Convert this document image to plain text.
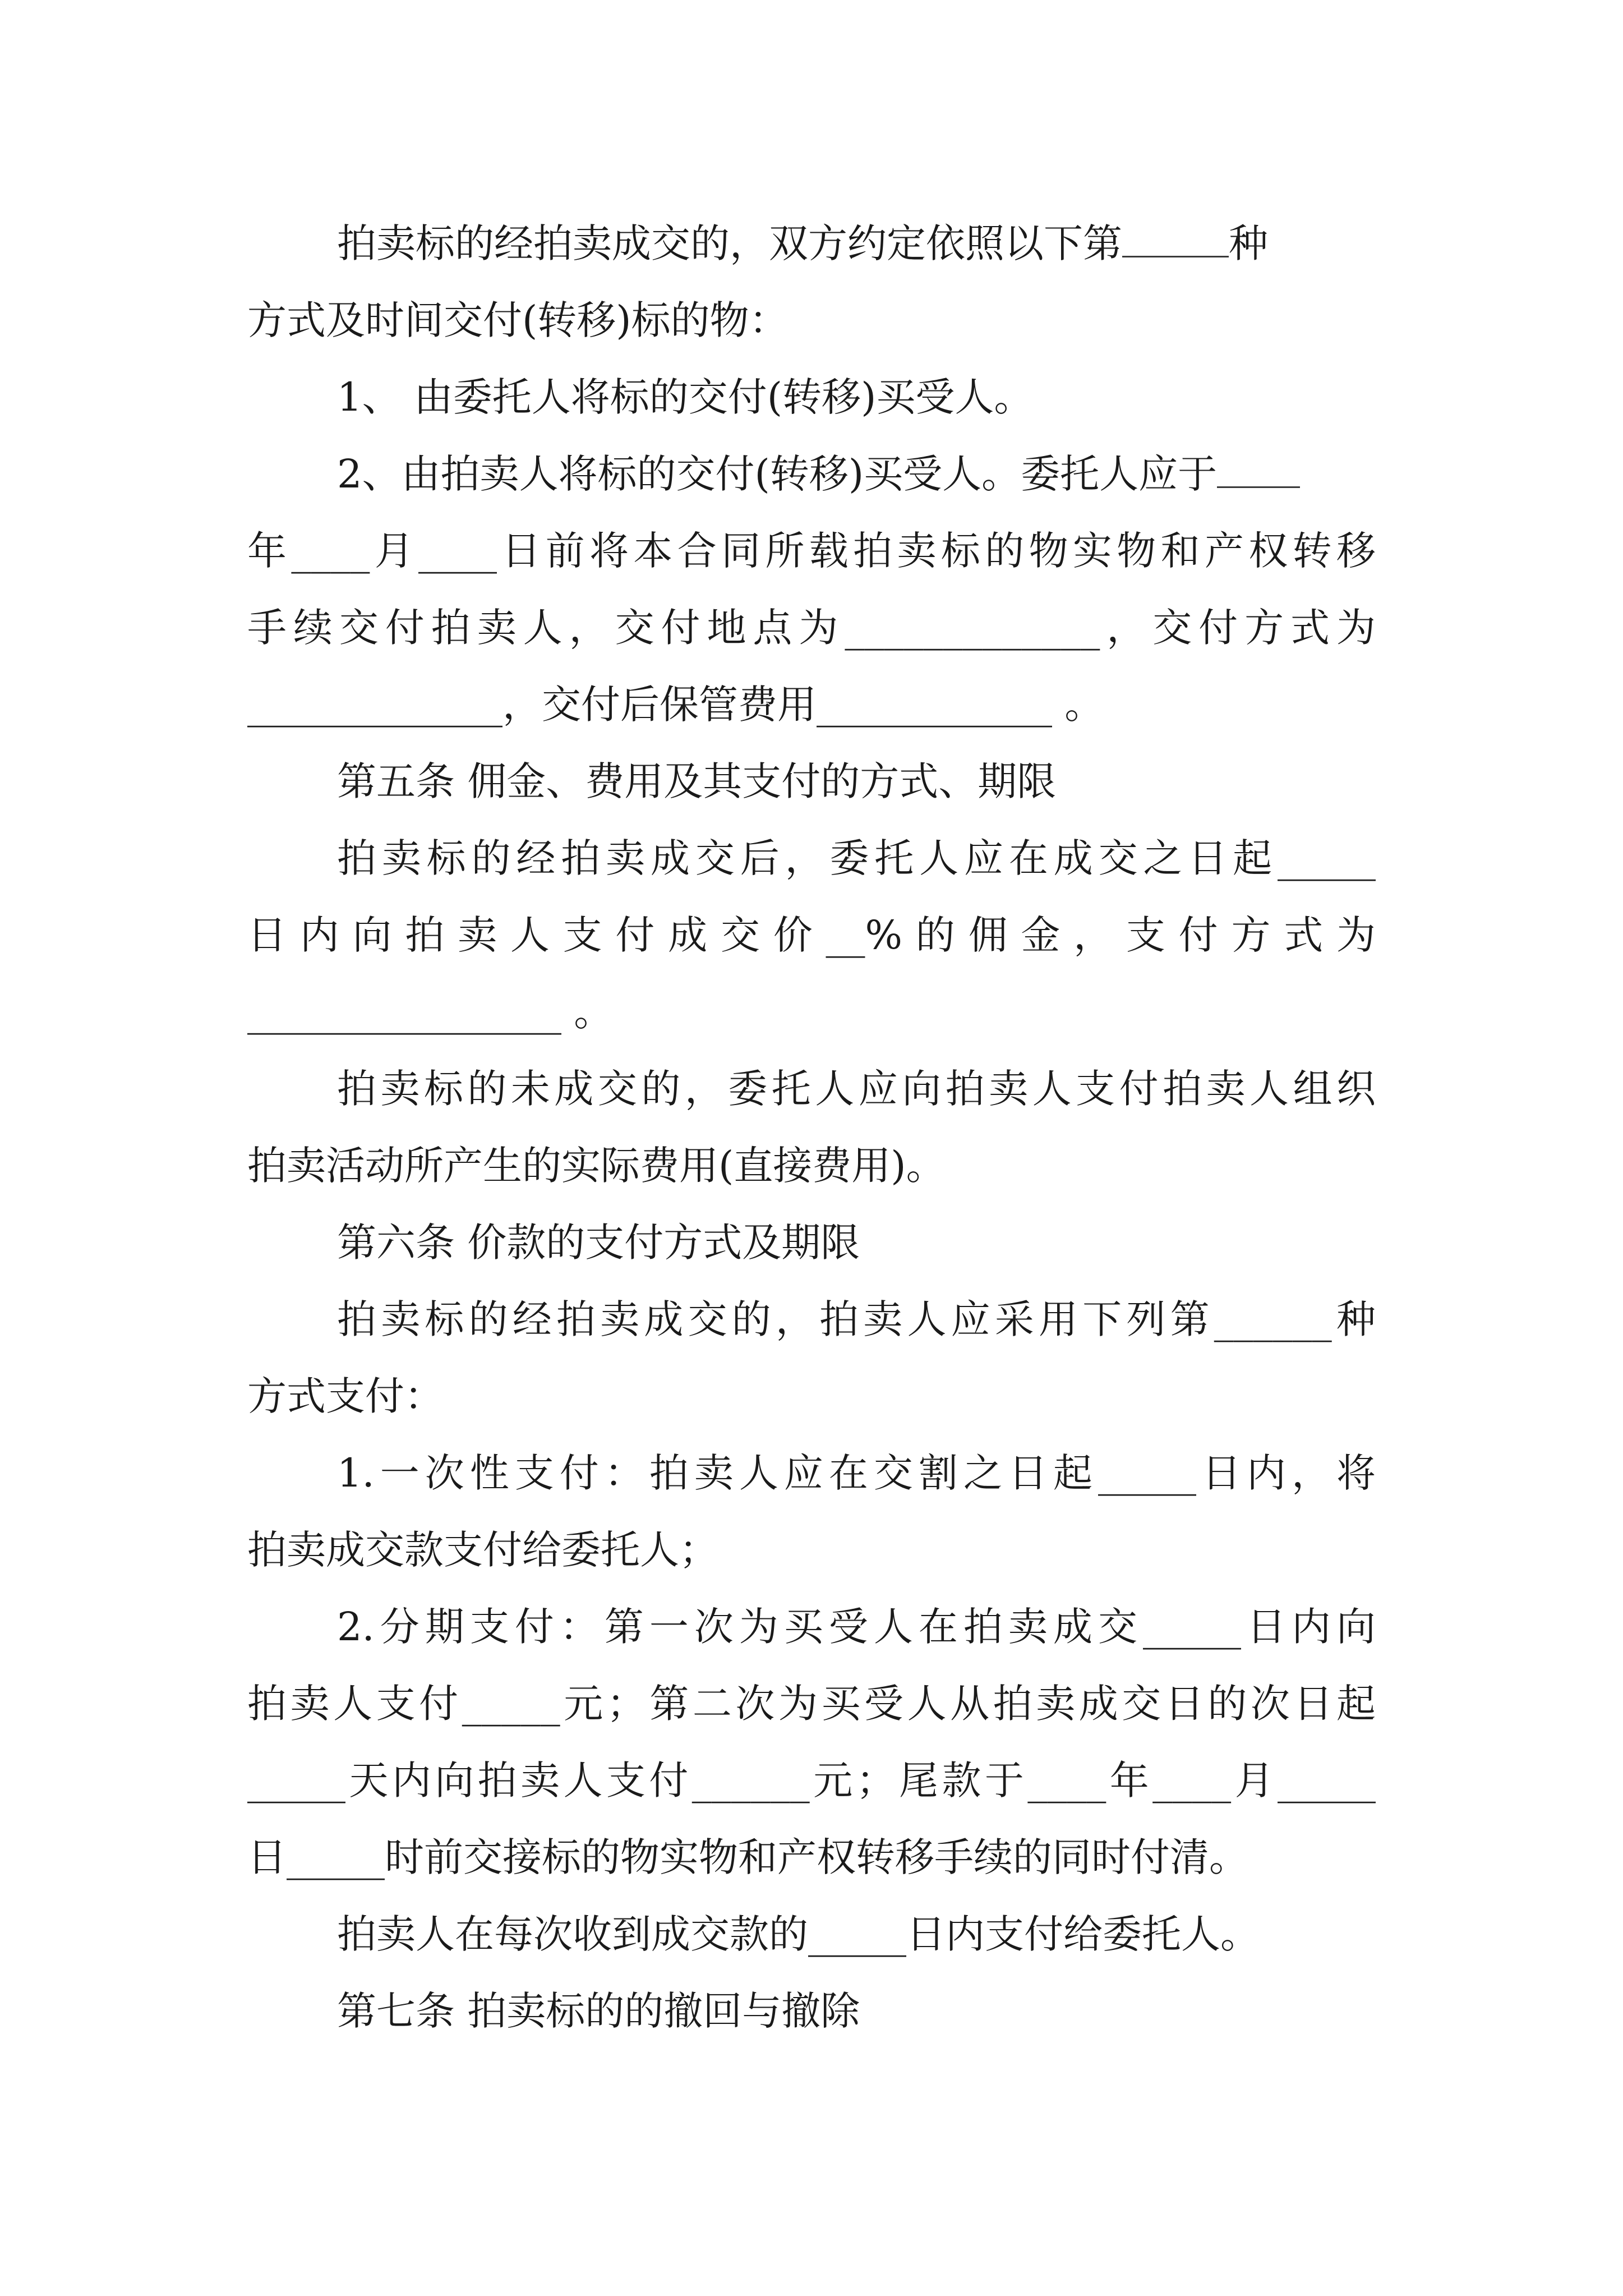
拍卖标的经拍卖成交的，双方约定依照以下第	种
方式及时间交付(转移)标的物：
1、 由委托人将标的交付(转移)买受人。
2、由拍卖人将标的交付(转移)买受人。委托人应于
年____月____日前将本合同所载拍卖标的物实物和产权转移
手续交付拍卖人，交付地点为_____________，交付方式为
_____________，交付后保管费用____________ 。
第五条 佣金、费用及其支付的方式、期限
拍卖标的经拍卖成交后，委托人应在成交之日起_____
日内向拍卖人支付成交价__%的佣金，支付方式为
________________ 。
拍卖标的未成交的，委托人应向拍卖人支付拍卖人组织
拍卖活动所产生的实际费用(直接费用)。
第六条 价款的支付方式及期限
拍卖标的经拍卖成交的，拍卖人应采用下列第______种
方式支付：
1.一次性支付：拍卖人应在交割之日起_____日内，将
拍卖成交款支付给委托人；
2.分期支付：第一次为买受人在拍卖成交_____日内向
拍卖人支付_____元；第二次为买受人从拍卖成交日的次日起
_____天内向拍卖人支付______元；尾款于____年____月_____
日_____时前交接标的物实物和产权转移手续的同时付清。
拍卖人在每次收到成交款的_____日内支付给委托人。
第七条 拍卖标的的撤回与撤除
